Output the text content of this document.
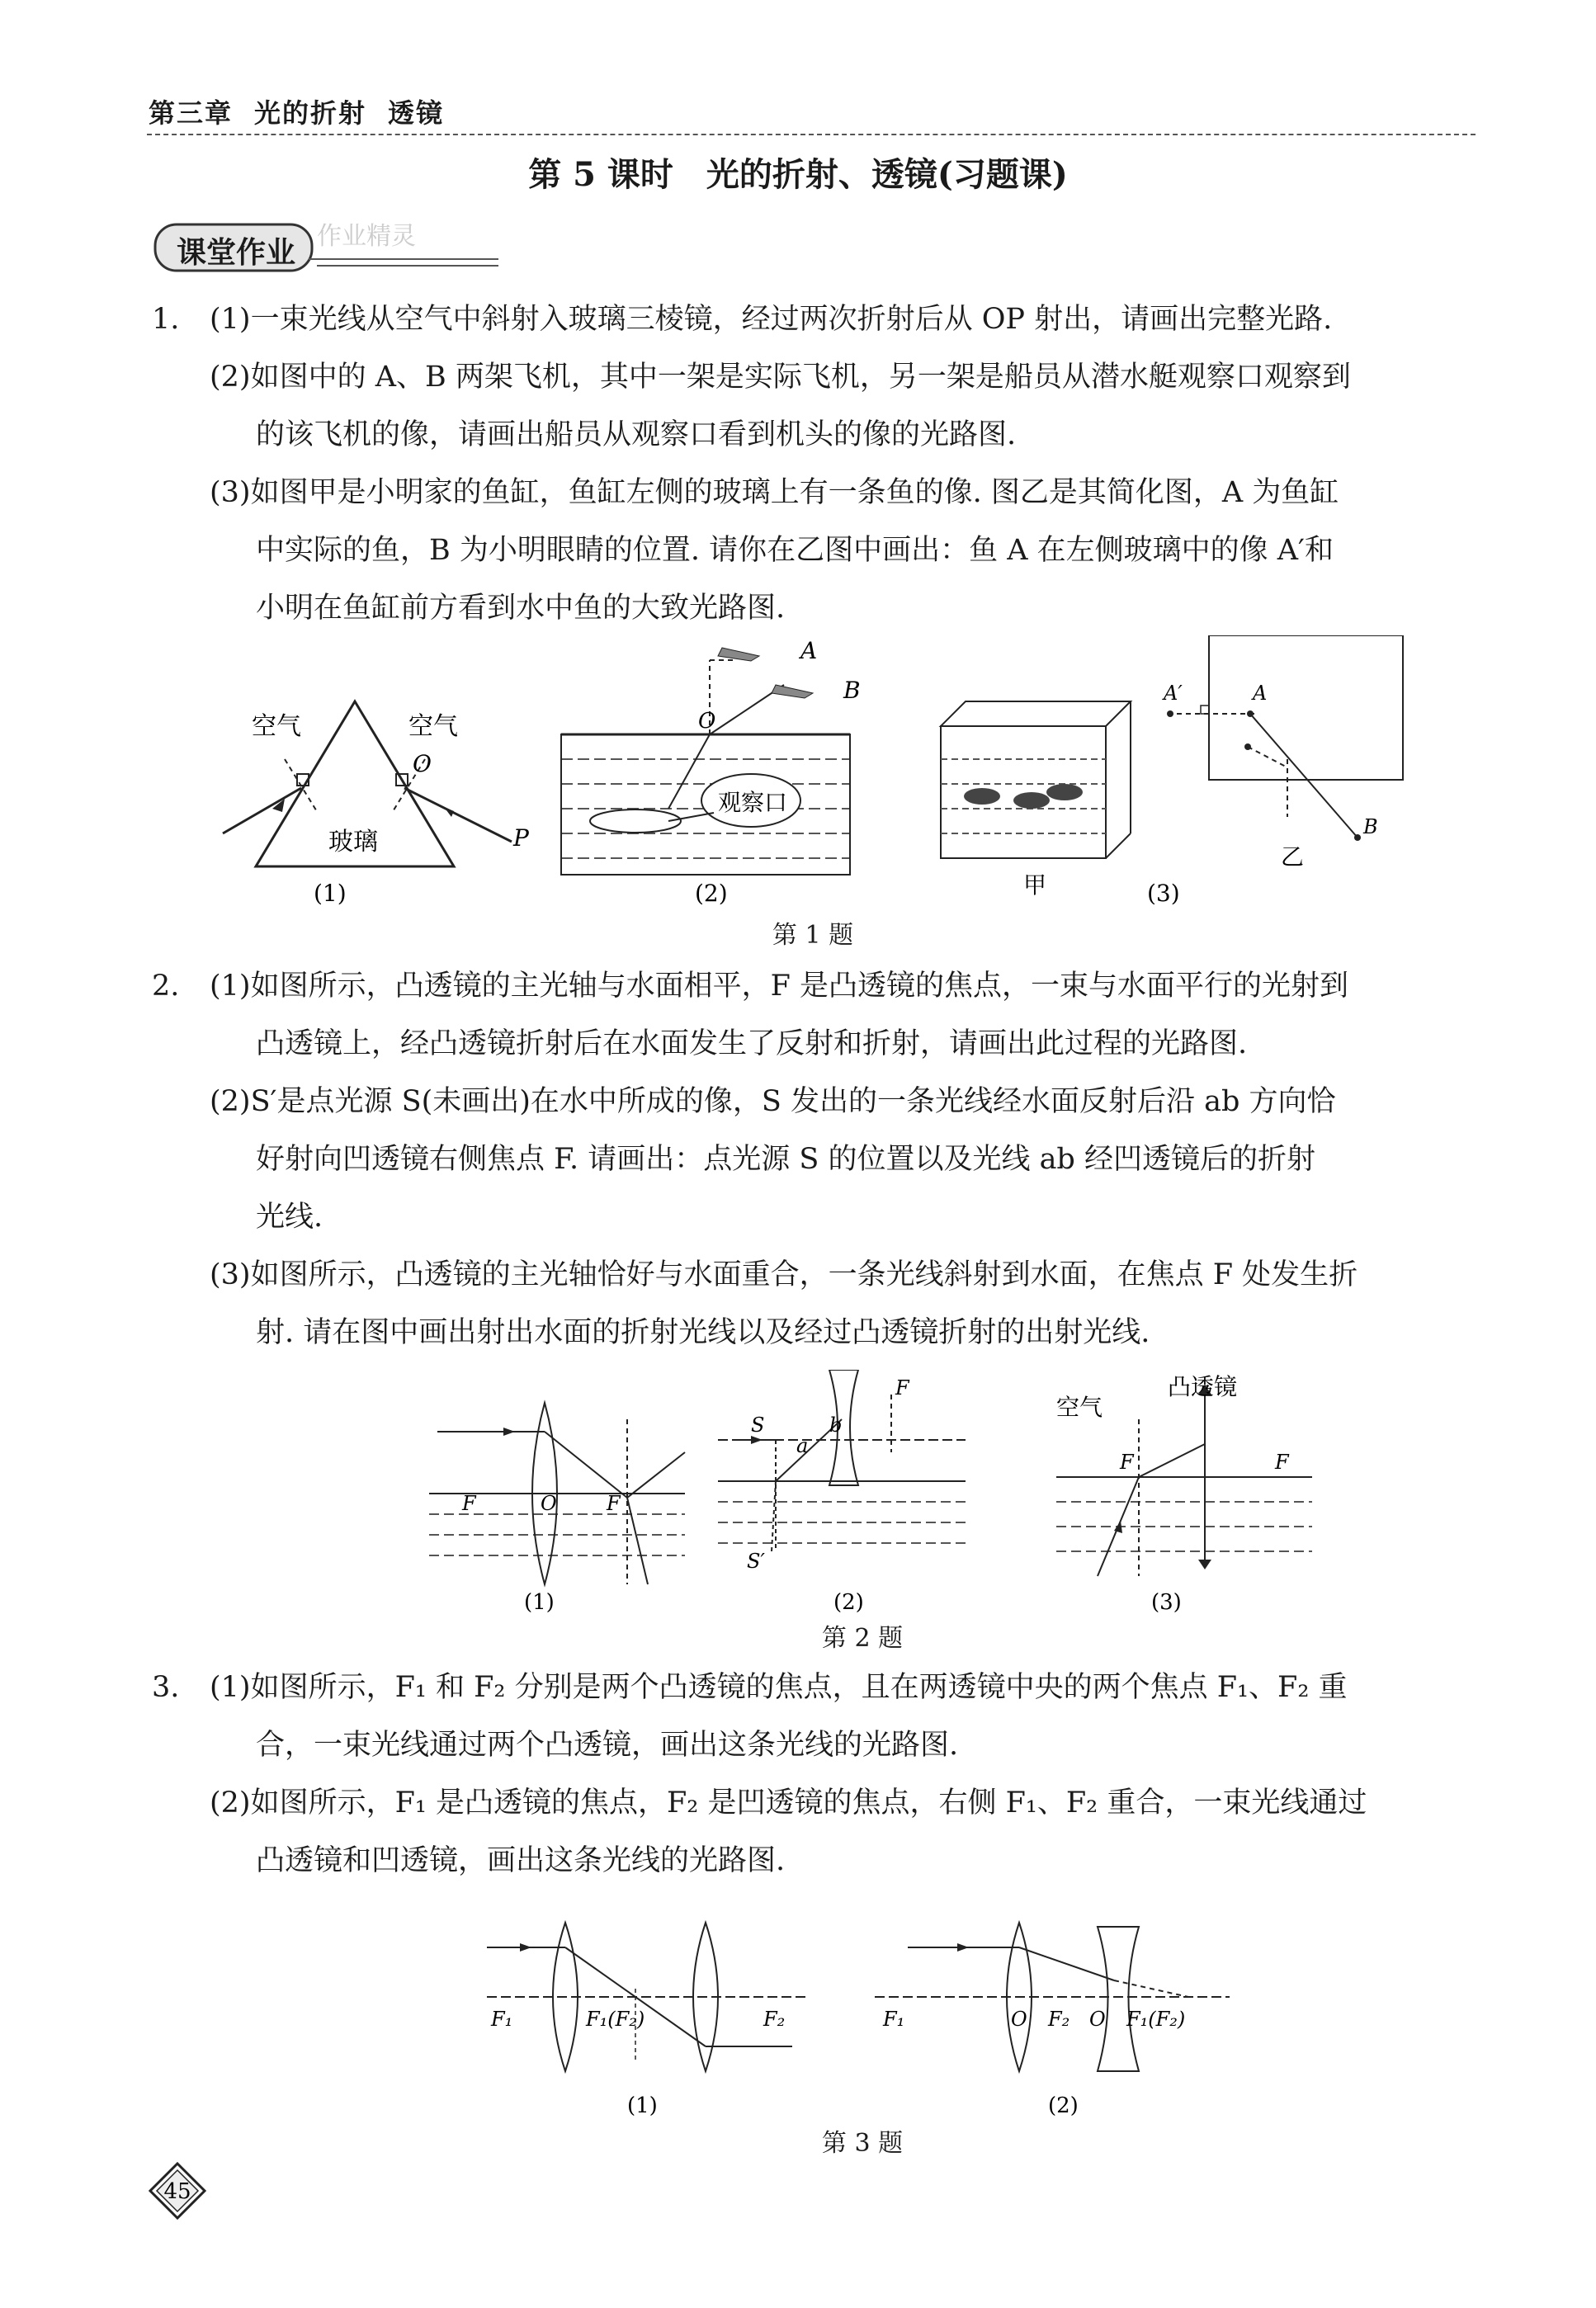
第三章 光的折射 透镜
第 5 课时　光的折射、透镜(习题课)
作业精灵
课堂作业
1. (1)一束光线从空气中斜射入玻璃三棱镜，经过两次折射后从 OP 射出，请画出完整光路.
(2)如图中的 A、B 两架飞机，其中一架是实际飞机，另一架是船员从潜水艇观察口观察到
的该飞机的像，请画出船员从观察口看到机头的像的光路图.
(3)如图甲是小明家的鱼缸，鱼缸左侧的玻璃上有一条鱼的像. 图乙是其简化图，A 为鱼缸
中实际的鱼，B 为小明眼睛的位置. 请你在乙图中画出：鱼 A 在左侧玻璃中的像 A′和
小明在鱼缸前方看到水中鱼的大致光路图.
空气	空气
玻璃
O
P
(1)
观察口
O
A
B
(2)	甲
A′	A
B
乙
(3)
第 1 题
2. (1)如图所示，凸透镜的主光轴与水面相平，F 是凸透镜的焦点，一束与水面平行的光射到
凸透镜上，经凸透镜折射后在水面发生了反射和折射，请画出此过程的光路图.
(2)S′是点光源 S(未画出)在水中所成的像，S 发出的一条光线经水面反射后沿 ab 方向恰
好射向凹透镜右侧焦点 F. 请画出：点光源 S 的位置以及光线 ab 经凹透镜后的折射
光线.
(3)如图所示，凸透镜的主光轴恰好与水面重合，一条光线斜射到水面，在焦点 F 处发生折
射. 请在图中画出射出水面的折射光线以及经过凸透镜折射的出射光线.
F	O	F
(1)
F
S
S′
a
b
(2)
空气
凸透镜
F	F
(3)
第 2 题
3. (1)如图所示，F₁ 和 F₂ 分别是两个凸透镜的焦点，且在两透镜中央的两个焦点 F₁、F₂ 重
合，一束光线通过两个凸透镜，画出这条光线的光路图.
(2)如图所示，F₁ 是凸透镜的焦点，F₂ 是凹透镜的焦点，右侧 F₁、F₂ 重合，一束光线通过
凸透镜和凹透镜，画出这条光线的光路图.
F₁	F₁(F₂)	F₂
(1)
F₁	O F₂ O F₁(F₂)
(2)
第 3 题
45
